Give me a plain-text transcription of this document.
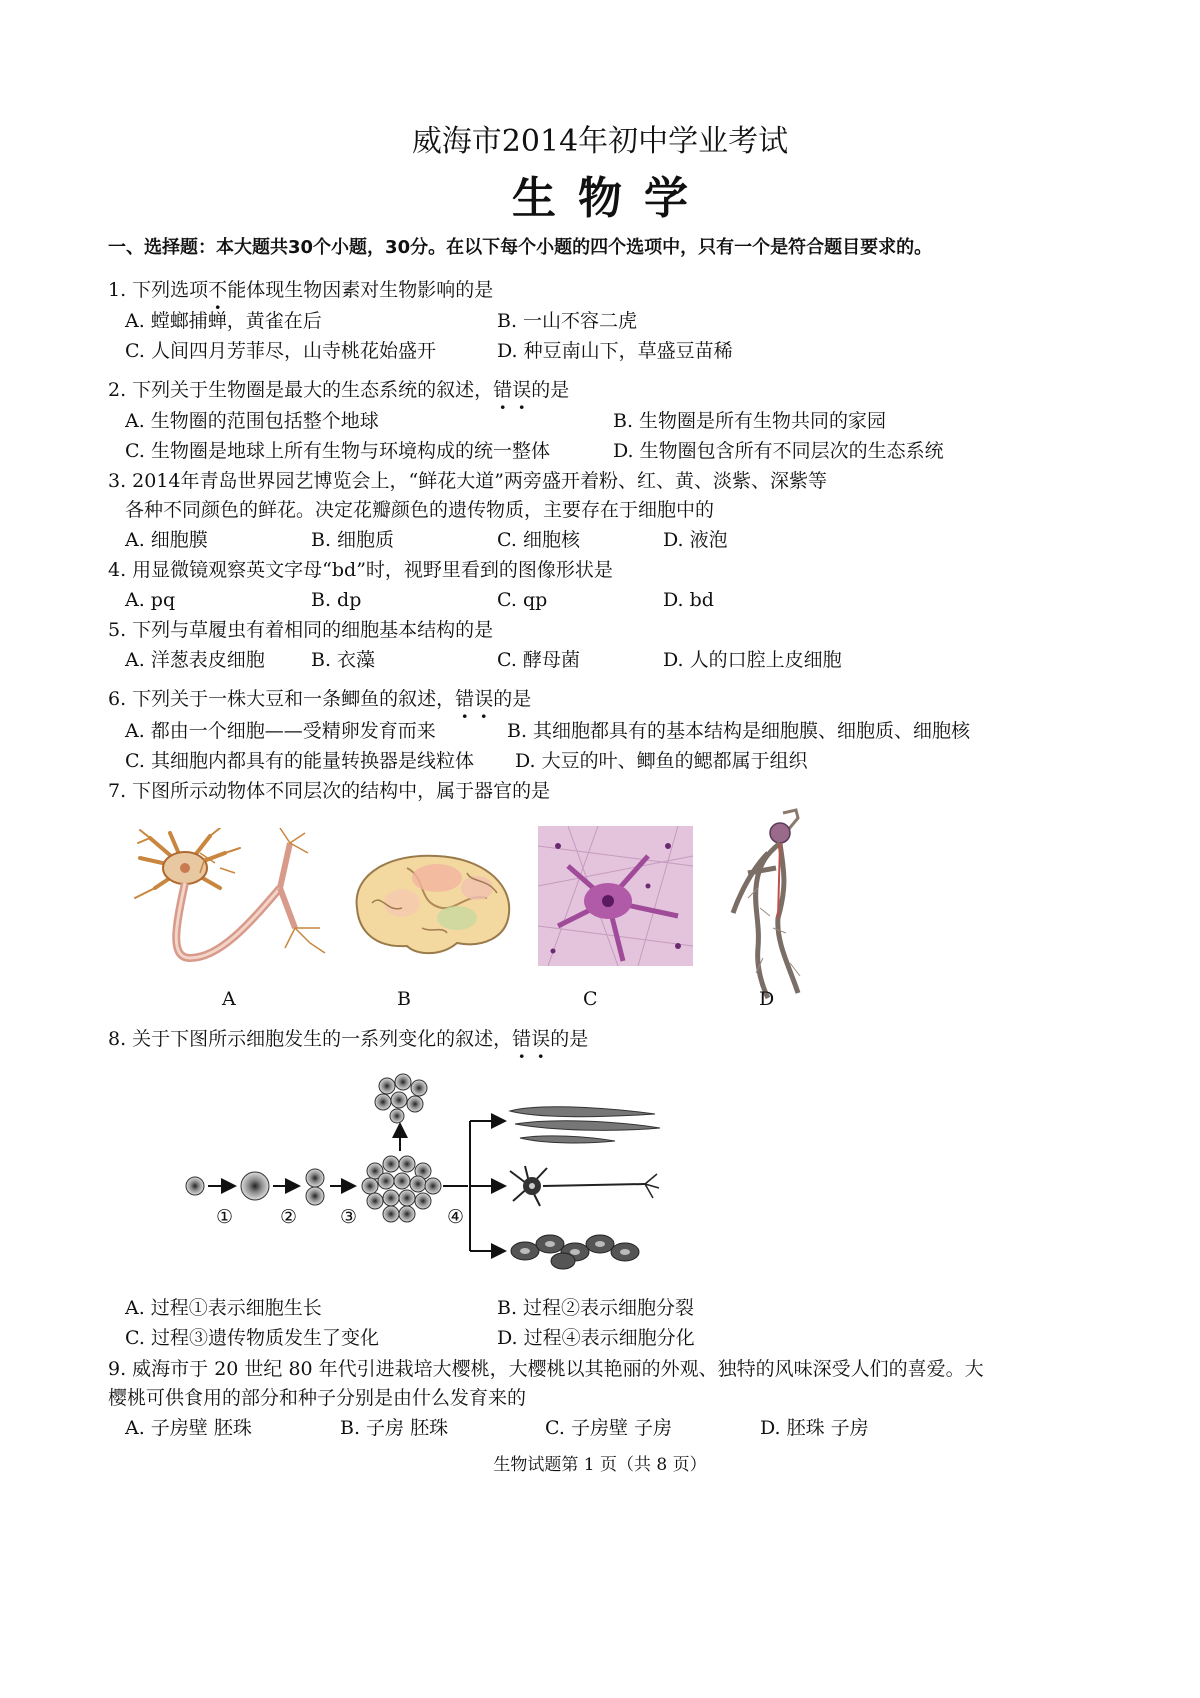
威海市2014年初中学业考试
生物学
一、选择题：本大题共30个小题，30分。在以下每个小题的四个选项中，只有一个是符合题目要求的。
1. 下列选项不能体现生物因素对生物影响的是
A. 螳螂捕蝉，黄雀在后	B. 一山不容二虎
C. 人间四月芳菲尽，山寺桃花始盛开	D. 种豆南山下，草盛豆苗稀
2. 下列关于生物圈是最大的生态系统的叙述，错误的是
A. 生物圈的范围包括整个地球	B. 生物圈是所有生物共同的家园
C. 生物圈是地球上所有生物与环境构成的统一整体	D. 生物圈包含所有不同层次的生态系统
3. 2014年青岛世界园艺博览会上，“鲜花大道”两旁盛开着粉、红、黄、淡紫、深紫等
各种不同颜色的鲜花。决定花瓣颜色的遗传物质，主要存在于细胞中的
A. 细胞膜	B. 细胞质	C. 细胞核	D. 液泡
4. 用显微镜观察英文字母“bd”时，视野里看到的图像形状是
A. pq	B. dp	C. qp	D. bd
5. 下列与草履虫有着相同的细胞基本结构的是
A. 洋葱表皮细胞 B. 衣藻	C. 酵母菌	D. 人的口腔上皮细胞
6. 下列关于一株大豆和一条鲫鱼的叙述，错误的是
A. 都由一个细胞——受精卵发育而来	B. 其细胞都具有的基本结构是细胞膜、细胞质、细胞核
C. 其细胞内都具有的能量转换器是线粒体 D. 大豆的叶、鲫鱼的鳃都属于组织
7. 下图所示动物体不同层次的结构中，属于器官的是
A	B	C	D
8. 关于下图所示细胞发生的一系列变化的叙述，错误的是
① ② ③	④
A. 过程①表示细胞生长	B. 过程②表示细胞分裂
C. 过程③遗传物质发生了变化	D. 过程④表示细胞分化
9. 威海市于 20 世纪 80 年代引进栽培大樱桃，大樱桃以其艳丽的外观、独特的风味深受人们的喜爱。大
樱桃可供食用的部分和种子分别是由什么发育来的
A. 子房壁 胚珠	B. 子房 胚珠	C. 子房壁 子房	D. 胚珠 子房
生物试题第 1 页（共 8 页）
